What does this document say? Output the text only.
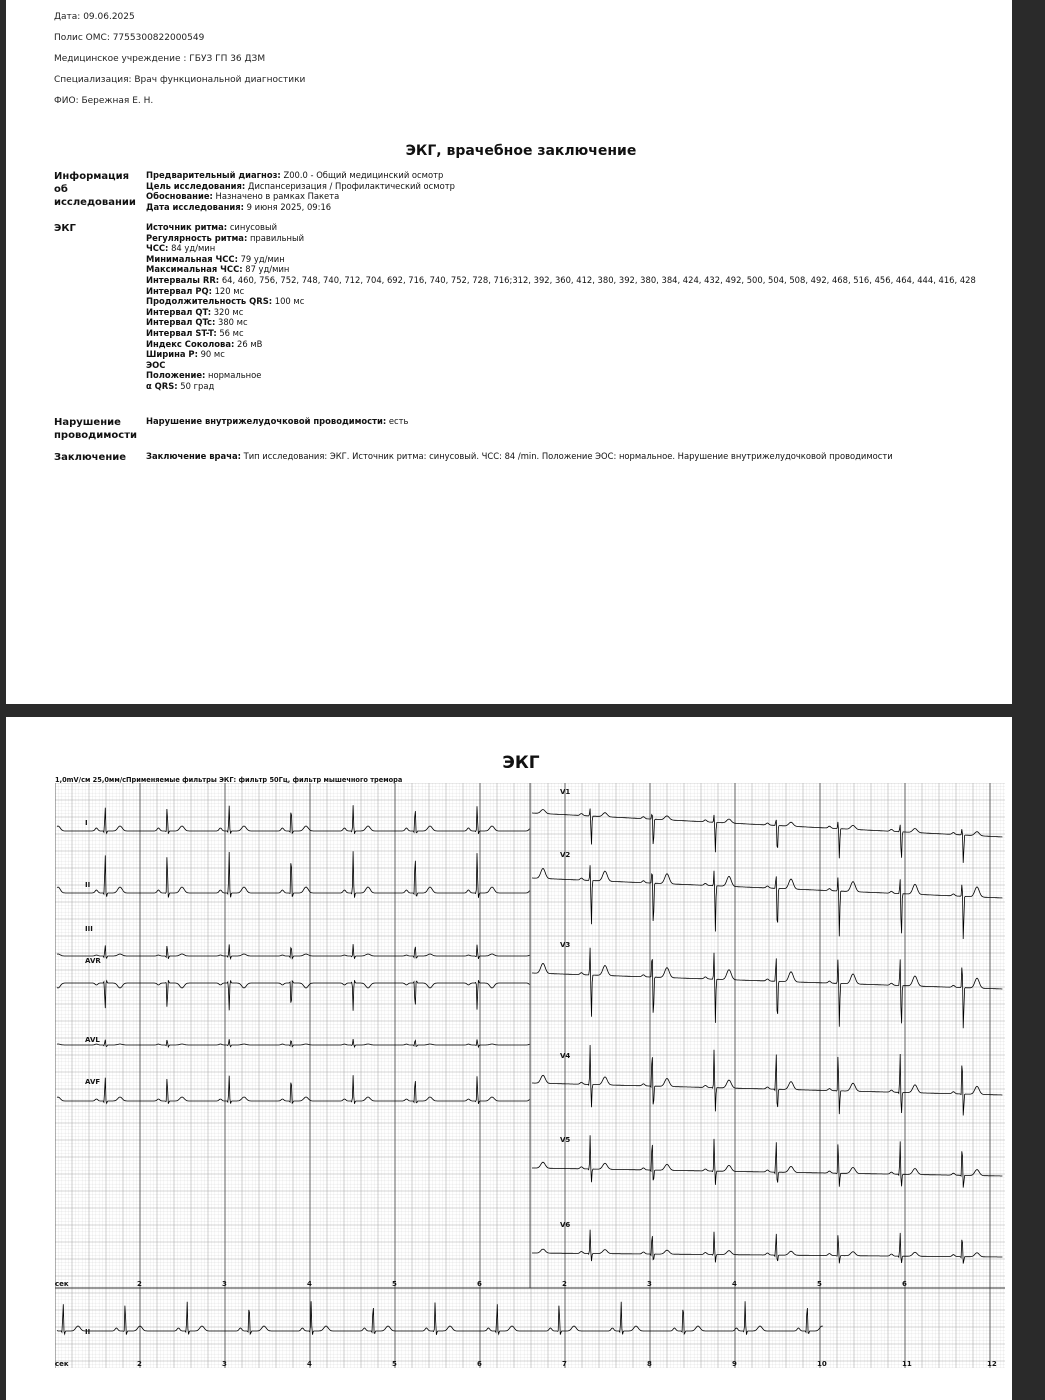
Дата: 09.06.2025
Полис ОМС: 7755300822000549
Медицинское учреждение : ГБУЗ ГП 36 ДЗМ
Специализация: Врач функциональной диагностики
ФИО: Бережная Е. Н.
ЭКГ, врачебное заключение
Информация об исследовании
Предварительный диагноз: Z00.0 - Общий медицинский осмотр
Цель исследования: Диспансеризация / Профилактический осмотр
Обоснование: Назначено в рамках Пакета
Дата исследования: 9 июня 2025, 09:16
ЭКГ	Источник ритма: синусовый
Регулярность ритма: правильный
ЧСС: 84 уд/мин
Минимальная ЧСС: 79 уд/мин
Максимальная ЧСС: 87 уд/мин
Интервалы RR: 64, 460, 756, 752, 748, 740, 712, 704, 692, 716, 740, 752, 728, 716;312, 392, 360, 412, 380, 392, 380, 384, 424, 432, 492, 500, 504, 508, 492, 468, 516, 456, 464, 444, 416, 428
Интервал PQ: 120 мс
Продолжительность QRS: 100 мс
Интервал QT: 320 мс
Интервал QTc: 380 мс
Интервал ST-T: 56 мс
Индекс Соколова: 26 мВ
Ширина P: 90 мс
ЭОС
Положение: нормальное
α QRS: 50 град
Нарушение проводимости
Нарушение внутрижелудочковой проводимости: есть
Заключение	Заключение врача: Тип исследования: ЭКГ. Источник ритма: синусовый. ЧСС: 84 /min. Положение ЭОС: нормальное. Нарушение внутрижелудочковой проводимости
ЭКГ
1,0mV/см 25,0мм/сПрименяемые фильтры ЭКГ: фильтр 50Гц, фильтр мышечного тремора
I
II
III
AVR
AVL
AVF
V1
V2
V3
V4
V5
V6
II
сек
сек
2	3	4	5	6	2	3	4	5	6
2	3	4	5	6	7	8	9	10	11	12
